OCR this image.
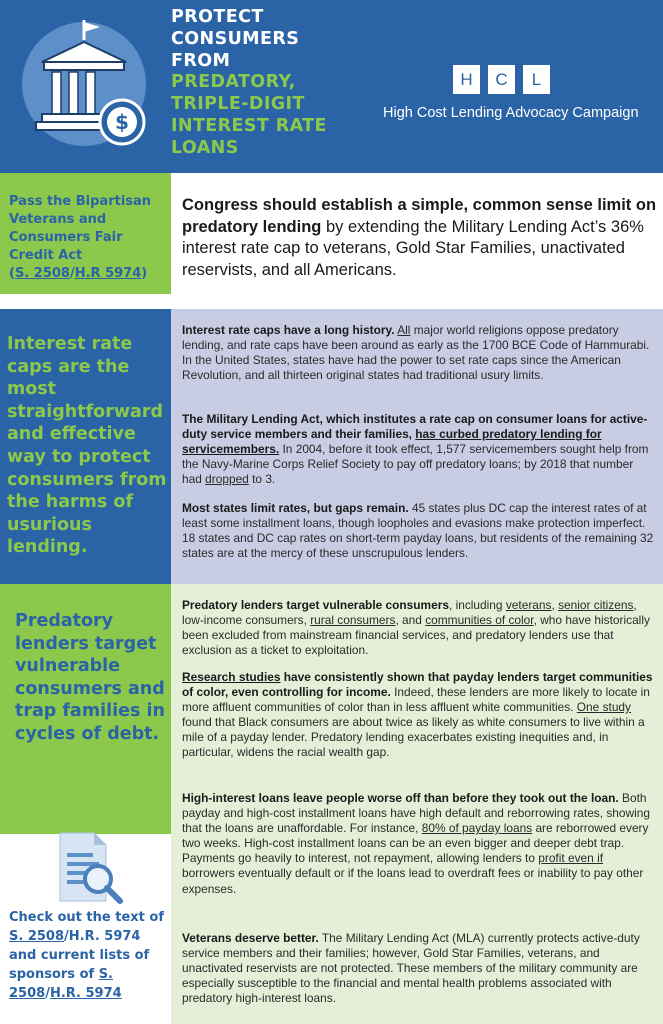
$
PROTECT
CONSUMERS
FROM
PREDATORY,
TRIPLE-DIGIT
INTEREST RATE
LOANS
H	C	L
High Cost Lending Advocacy Campaign
Pass the Bipartisan
Veterans and
Consumers Fair
Credit Act
(S. 2508/H.R 5974)
Congress should establish a simple, common sense limit on predatory lending by extending the Military Lending Act’s 36% interest rate cap to veterans, Gold Star Families, unactivated reservists, and all Americans.
Interest rate caps are the most straightforward and effective way to protect consumers from the harms of usurious lending.

Interest rate caps have a long history. All major world religions oppose predatory lending, and rate caps have been around as early as the 1700 BCE Code of Hammurabi. In the United States, states have had the power to set rate caps since the American Revolution, and all thirteen original states had traditional usury limits.

The Military Lending Act, which institutes a rate cap on consumer loans for active-duty service members and their families, has curbed predatory lending for servicemembers. In 2004, before it took effect, 1,577 servicemembers sought help from the Navy-Marine Corps Relief Society to pay off predatory loans; by 2018 that number had dropped to 3.

Most states limit rates, but gaps remain. 45 states plus DC cap the interest rates of at least some installment loans, though loopholes and evasions make protection imperfect. 18 states and DC cap rates on short-term payday loans, but residents of the remaining 32 states are at the mercy of these unscrupulous lenders.

Predatory lenders target vulnerable consumers and trap families in cycles of debt.
Check out the text of S. 2508/H.R. 5974 and current lists of sponsors of S. 2508/H.R. 5974

Predatory lenders target vulnerable consumers, including veterans, senior citizens, low-income consumers, rural consumers, and communities of color, who have historically been excluded from mainstream financial services, and predatory lenders use that exclusion as a ticket to exploitation.

Research studies have consistently shown that payday lenders target communities of color, even controlling for income. Indeed, these lenders are more likely to locate in more affluent communities of color than in less affluent white communities. One study found that Black consumers are about twice as likely as white consumers to live within a mile of a payday lender. Predatory lending exacerbates existing inequities and, in particular, widens the racial wealth gap.

High-interest loans leave people worse off than before they took out the loan. Both payday and high-cost installment loans have high default and reborrowing rates, showing that the loans are unaffordable. For instance, 80% of payday loans are reborrowed every two weeks. High-cost installment loans can be an even bigger and deeper debt trap. Payments go heavily to interest, not repayment, allowing lenders to profit even if borrowers eventually default or if the loans lead to overdraft fees or inability to pay other expenses.

Veterans deserve better. The Military Lending Act (MLA) currently protects active-duty service members and their families; however, Gold Star Families, veterans, and unactivated reservists are not protected. These members of the military community are especially susceptible to the financial and mental health problems associated with predatory high-interest loans.
